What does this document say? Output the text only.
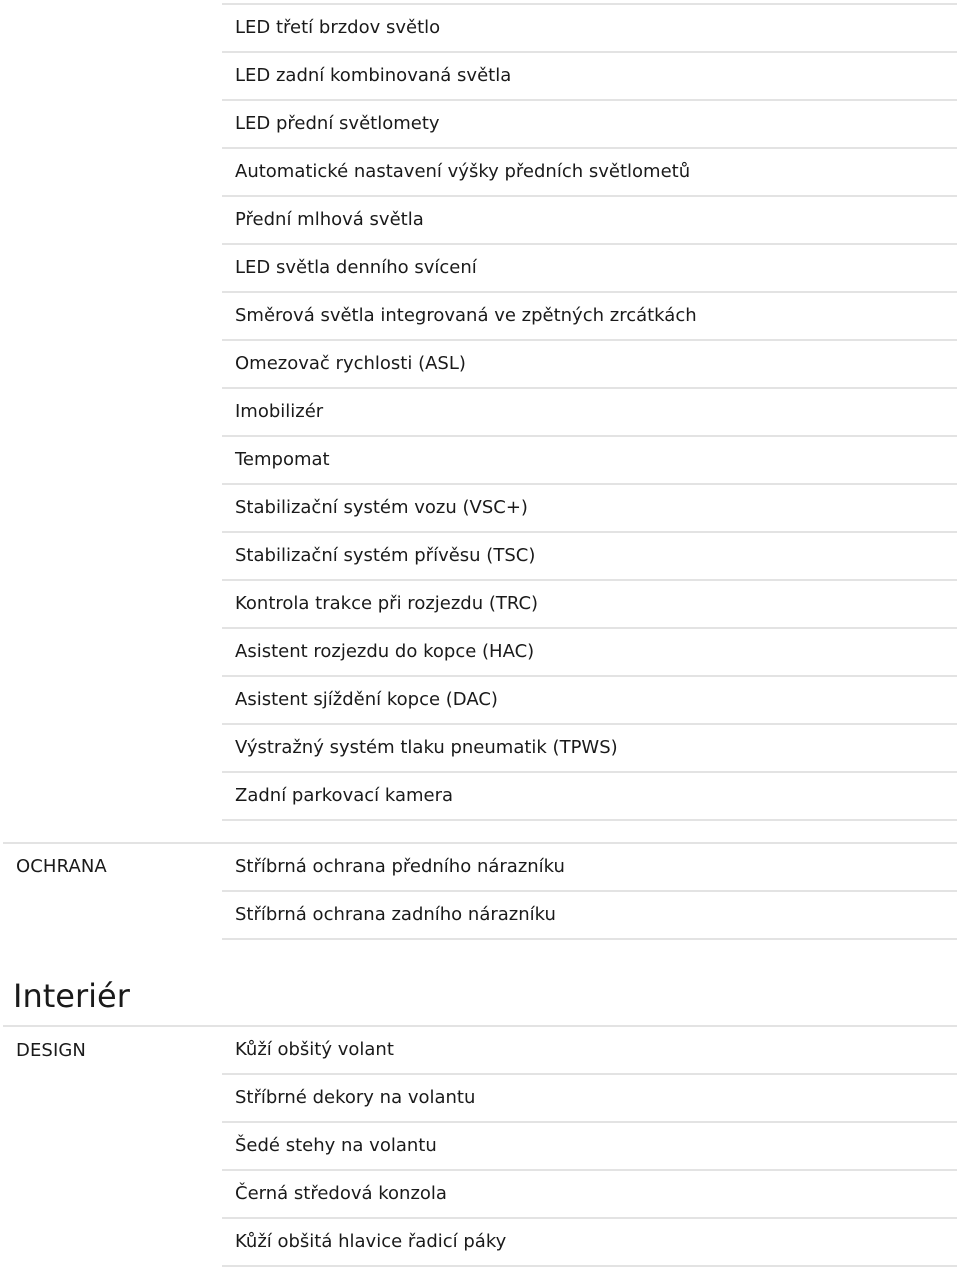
LED třetí brzdov světlo
LED zadní kombinovaná světla
LED přední světlomety
Automatické nastavení výšky předních světlometů
Přední mlhová světla
LED světla denního svícení
Směrová světla integrovaná ve zpětných zrcátkách
Omezovač rychlosti (ASL)
Imobilizér
Tempomat
Stabilizační systém vozu (VSC+)
Stabilizační systém přívěsu (TSC)
Kontrola trakce při rozjezdu (TRC)
Asistent rozjezdu do kopce (HAC)
Asistent sjíždění kopce (DAC)
Výstražný systém tlaku pneumatik (TPWS)
Zadní parkovací kamera
OCHRANA	Stříbrná ochrana předního nárazníku
Stříbrná ochrana zadního nárazníku
Interiér
DESIGN	Kůží obšitý volant
Stříbrné dekory na volantu
Šedé stehy na volantu
Černá středová konzola
Kůží obšitá hlavice řadicí páky
